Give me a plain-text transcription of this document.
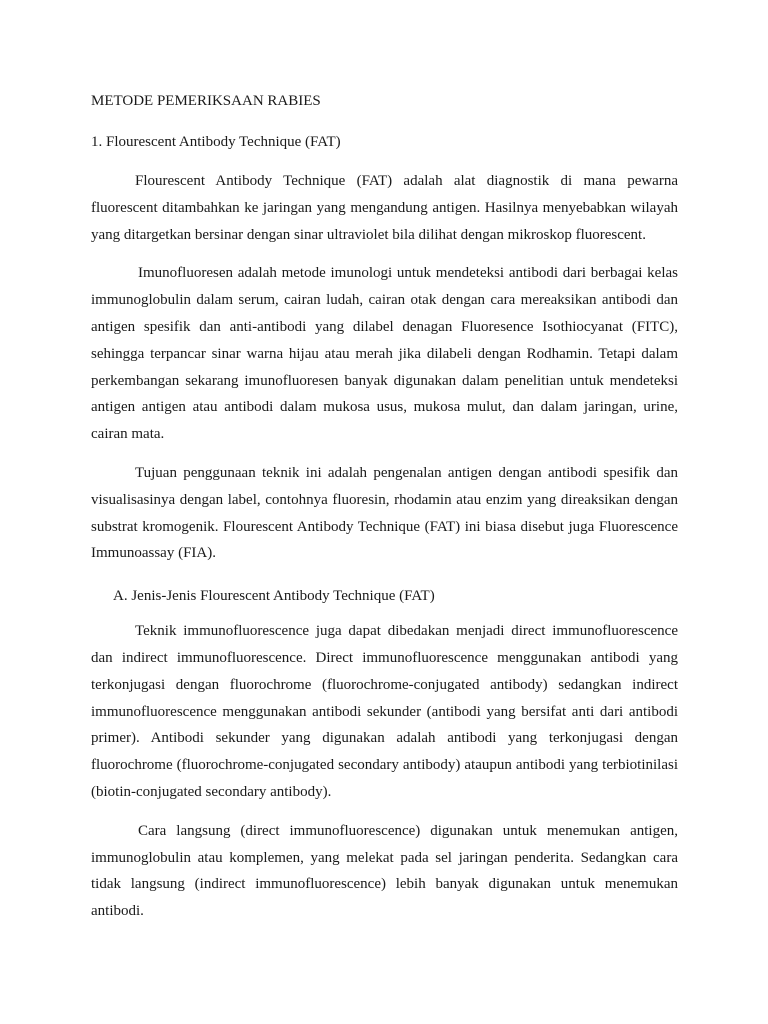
METODE PEMERIKSAAN RABIES
1. Flourescent Antibody Technique (FAT)

Flourescent Antibody Technique (FAT) adalah alat diagnostik di mana pewarna fluorescent ditambahkan ke jaringan yang mengandung antigen. Hasilnya menyebabkan wilayah yang ditargetkan bersinar dengan sinar ultraviolet bila dilihat dengan mikroskop fluorescent.

Imunofluoresen adalah metode imunologi untuk mendeteksi antibodi dari berbagai kelas immunoglobulin dalam serum, cairan ludah, cairan otak dengan cara mereaksikan antibodi dan antigen spesifik dan anti-antibodi yang dilabel denagan Fluoresence Isothiocyanat (FITC), sehingga terpancar sinar warna hijau atau merah jika dilabeli dengan Rodhamin. Tetapi dalam perkembangan sekarang imunofluoresen banyak digunakan dalam penelitian untuk mendeteksi antigen antigen atau antibodi dalam mukosa usus, mukosa mulut, dan dalam jaringan, urine, cairan mata.

Tujuan penggunaan teknik ini adalah pengenalan antigen dengan antibodi spesifik dan visualisasinya dengan label, contohnya fluoresin, rhodamin atau enzim yang direaksikan dengan substrat kromogenik. Flourescent Antibody Technique (FAT) ini biasa disebut juga Fluorescence Immunoassay (FIA).

A. Jenis-Jenis Flourescent Antibody Technique (FAT)

Teknik immunofluorescence juga dapat dibedakan menjadi direct immunofluorescence dan indirect immunofluorescence. Direct immunofluorescence menggunakan antibodi yang terkonjugasi dengan fluorochrome (fluorochrome-conjugated antibody) sedangkan indirect immunofluorescence menggunakan antibodi sekunder (antibodi yang bersifat anti dari antibodi primer). Antibodi sekunder yang digunakan adalah antibodi yang terkonjugasi dengan fluorochrome (fluorochrome-conjugated secondary antibody) ataupun antibodi yang terbiotinilasi (biotin-conjugated secondary antibody).

Cara langsung (direct immunofluorescence) digunakan untuk menemukan antigen, immunoglobulin atau komplemen, yang melekat pada sel jaringan penderita. Sedangkan cara tidak langsung (indirect immunofluorescence) lebih banyak digunakan untuk menemukan antibodi.
